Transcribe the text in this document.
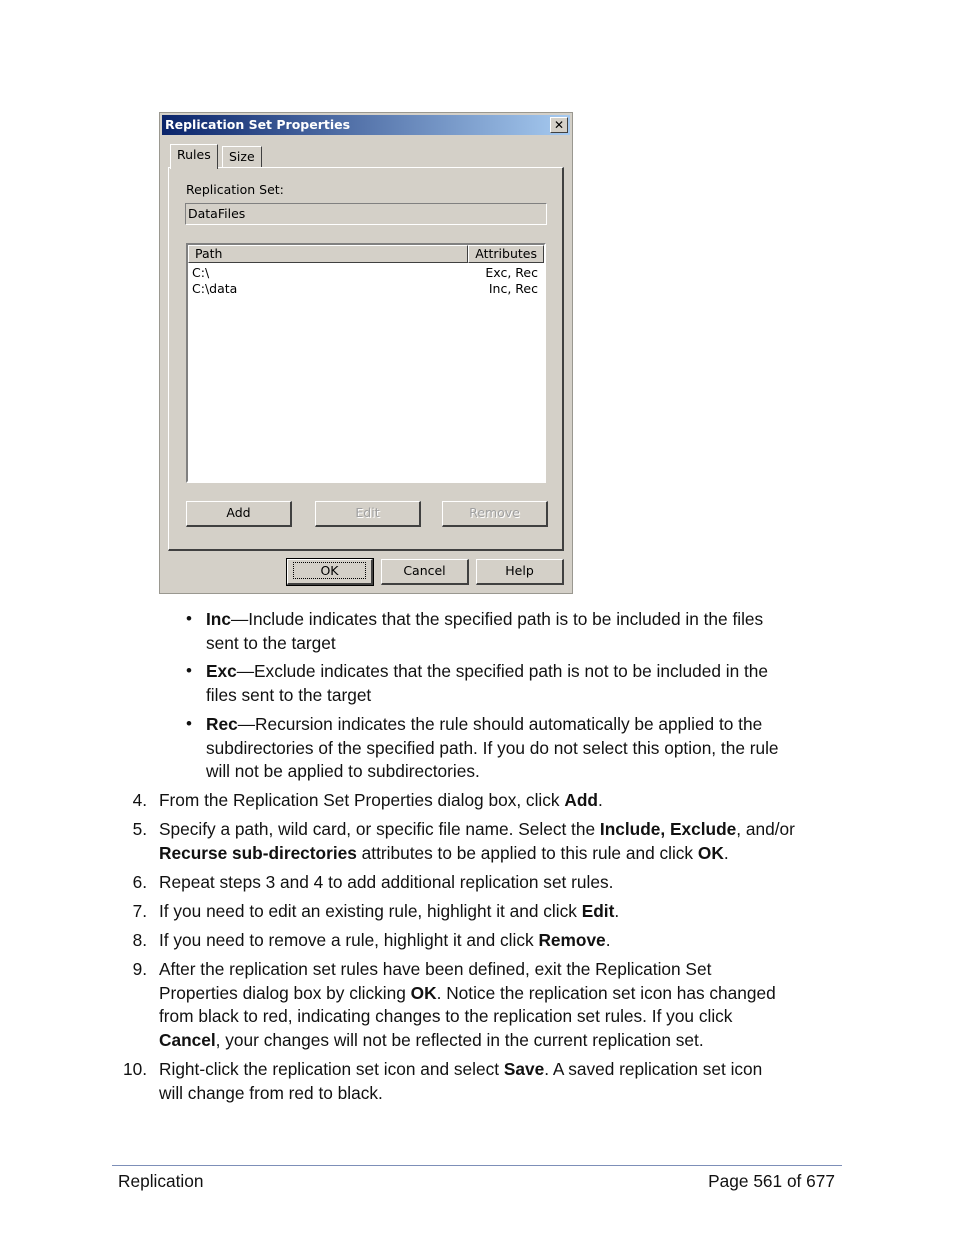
Replication Set Properties	✕
Rules	Size
Replication Set:
DataFiles
Path	Attributes
C:\	Exc, Rec
C:\data	Inc, Rec
Add	Edit	Remove
OK	Cancel	Help
• Inc—Include indicates that the specified path is to be included in the files
sent to the target
• Exc—Exclude indicates that the specified path is not to be included in the
files sent to the target
• Rec—Recursion indicates the rule should automatically be applied to the
subdirectories of the specified path. If you do not select this option, the rule
will not be applied to subdirectories.
4. From the Replication Set Properties dialog box, click Add.
5. Specify a path, wild card, or specific file name. Select the Include, Exclude, and/or
Recurse sub-directories attributes to be applied to this rule and click OK.
6. Repeat steps 3 and 4 to add additional replication set rules.
7. If you need to edit an existing rule, highlight it and click Edit.
8. If you need to remove a rule, highlight it and click Remove.
9. After the replication set rules have been defined, exit the Replication Set
Properties dialog box by clicking OK. Notice the replication set icon has changed
from black to red, indicating changes to the replication set rules. If you click
Cancel, your changes will not be reflected in the current replication set.
10. Right-click the replication set icon and select Save. A saved replication set icon
will change from red to black.
Replication	Page 561 of 677
